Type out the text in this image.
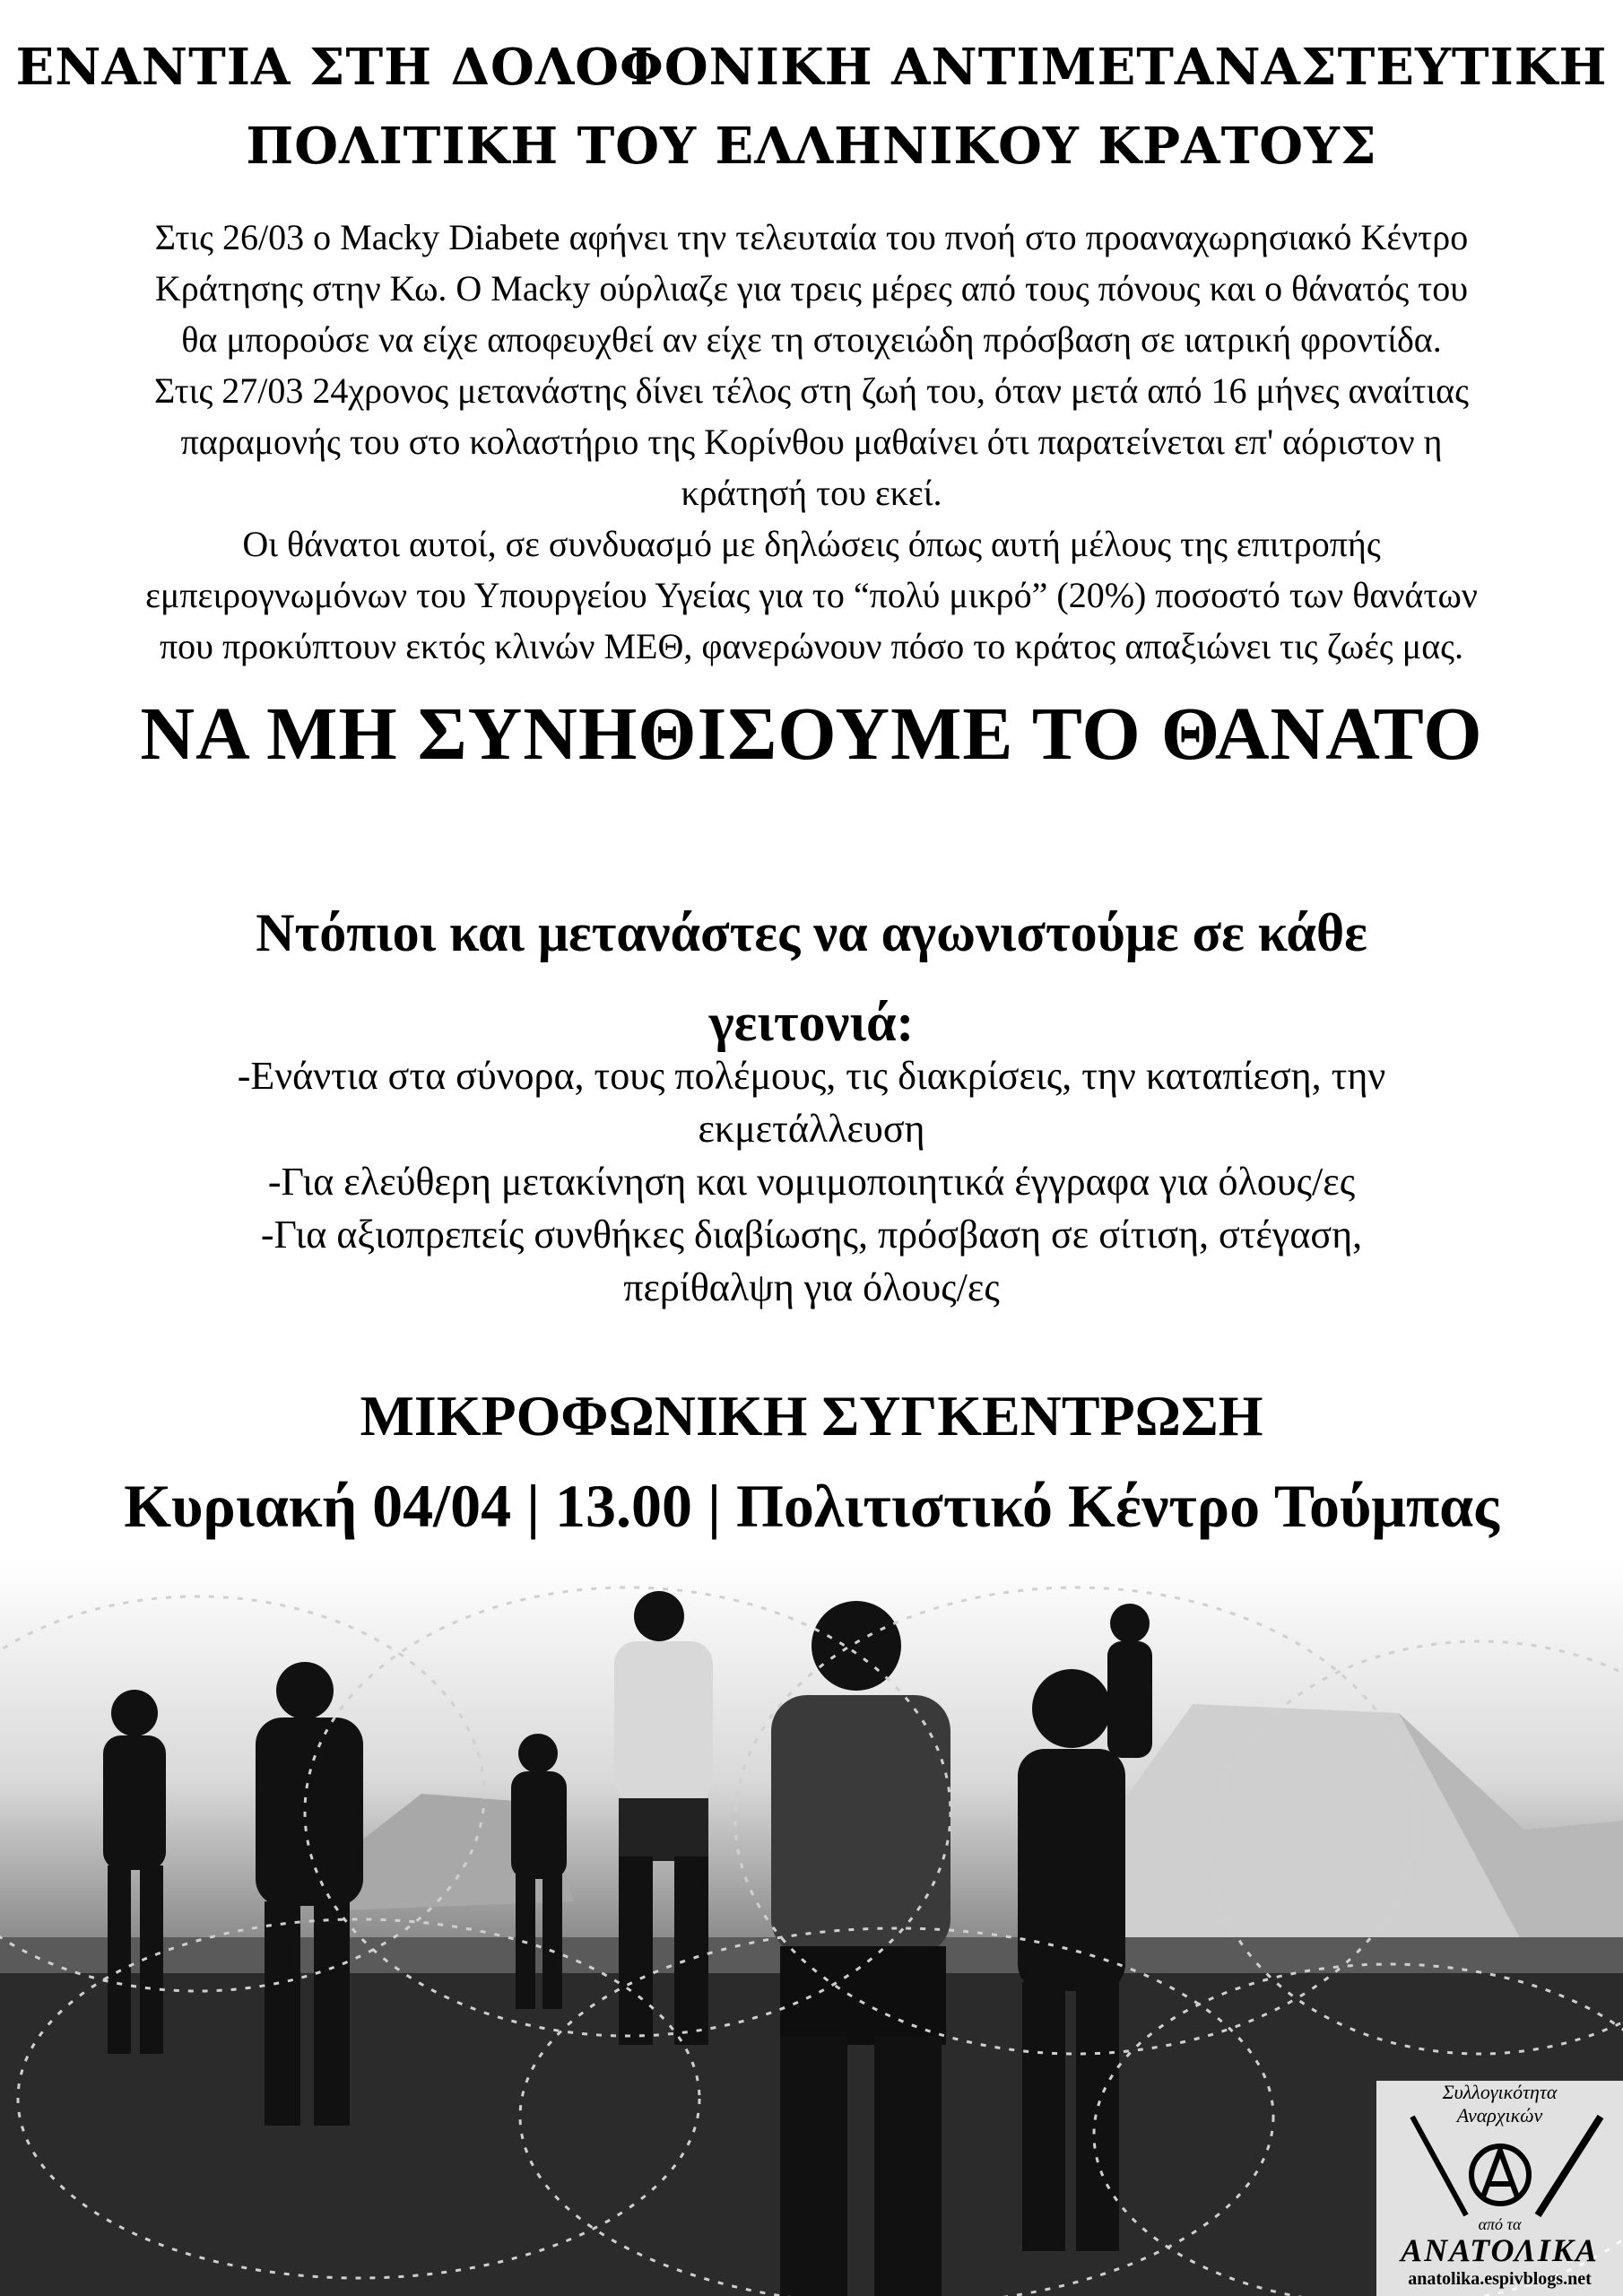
ΕΝΑΝΤΙΑ ΣΤΗ ΔΟΛΟΦΟΝΙΚΗ ΑΝΤΙΜΕΤΑΝΑΣΤΕΥΤΙΚΗ
ΠΟΛΙΤΙΚΗ ΤΟΥ ΕΛΛΗΝΙΚΟΥ ΚΡΑΤΟΥΣ
Στις 26/03 ο Macky Diabete αφήνει την τελευταία του πνοή στο προαναχωρησιακό Κέντρο
Κράτησης στην Κω. Ο Macky ούρλιαζε για τρεις μέρες από τους πόνους και ο θάνατός του
θα μπορούσε να είχε αποφευχθεί αν είχε τη στοιχειώδη πρόσβαση σε ιατρική φροντίδα.
Στις 27/03 24χρονος μετανάστης δίνει τέλος στη ζωή του, όταν μετά από 16 μήνες αναίτιας
παραμονής του στο κολαστήριο της Κορίνθου μαθαίνει ότι παρατείνεται επ' αόριστον η
κράτησή του εκεί.
Οι θάνατοι αυτοί, σε συνδυασμό με δηλώσεις όπως αυτή μέλους της επιτροπής
εμπειρογνωμόνων του Υπουργείου Υγείας για το “πολύ μικρό” (20%) ποσοστό των θανάτων
που προκύπτουν εκτός κλινών ΜΕΘ, φανερώνουν πόσο το κράτος απαξιώνει τις ζωές μας.
ΝΑ ΜΗ ΣΥΝΗΘΙΣΟΥΜΕ ΤΟ ΘΑΝΑΤΟ
Ντόπιοι και μετανάστες να αγωνιστούμε σε κάθε
γειτονιά:
-Ενάντια στα σύνορα, τους πολέμους, τις διακρίσεις, την καταπίεση, την
εκμετάλλευση
-Για ελεύθερη μετακίνηση και νομιμοποιητικά έγγραφα για όλους/ες
-Για αξιοπρεπείς συνθήκες διαβίωσης, πρόσβαση σε σίτιση, στέγαση,
περίθαλψη για όλους/ες
ΜΙΚΡΟΦΩΝΙΚΗ ΣΥΓΚΕΝΤΡΩΣΗ
Κυριακή 04/04 | 13.00 | Πολιτιστικό Κέντρο Τούμπας
Συλλογικότητα
Αναρχικών
από τα
ΑΝΑΤΟΛΙΚΑ
anatolika.espivblogs.net
